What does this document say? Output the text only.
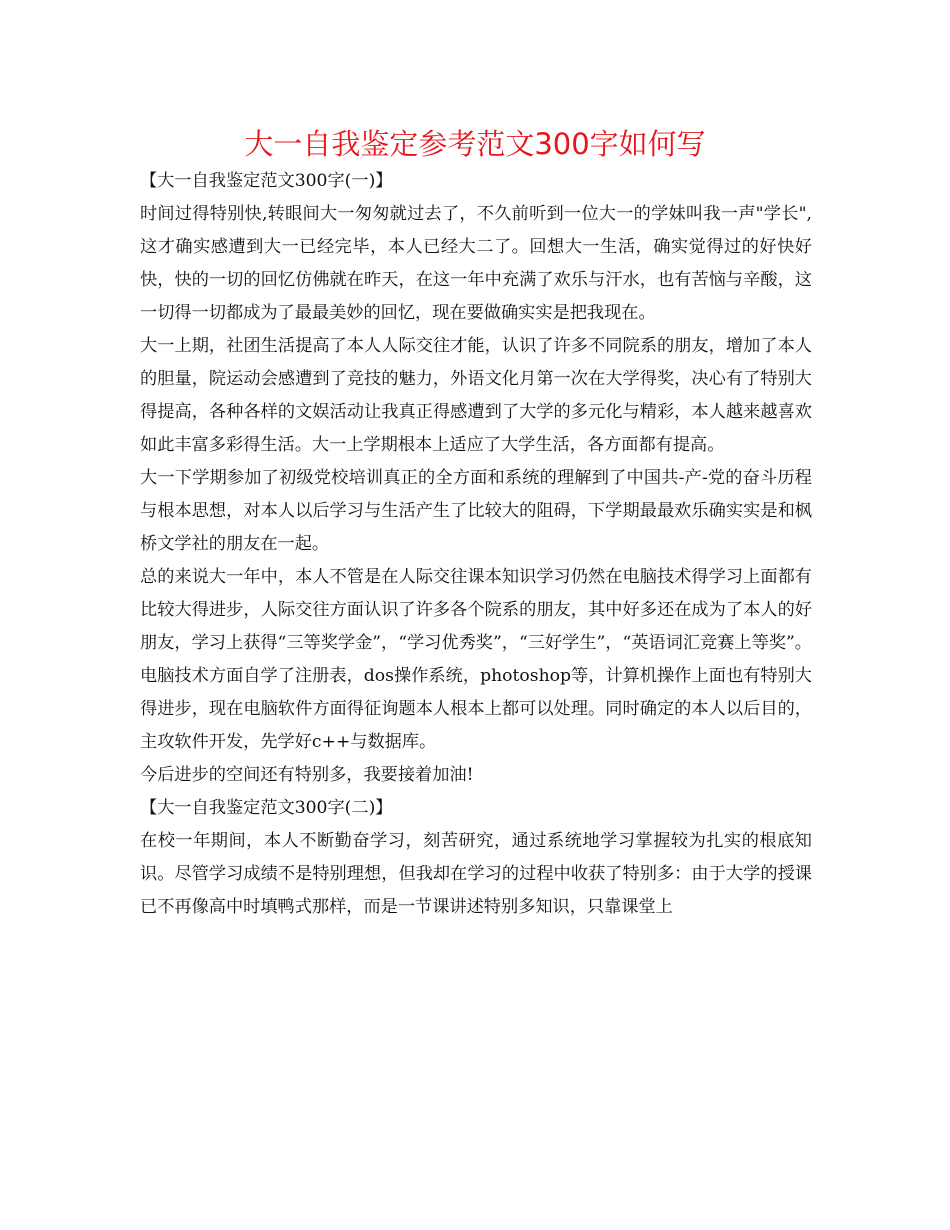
大一自我鉴定参考范文300字如何写

【大一自我鉴定范文300字(一)】

时间过得特别快,转眼间大一匆匆就过去了，不久前听到一位大一的学妹叫我一声"学长",这才确实感遭到大一已经完毕，本人已经大二了。回想大一生活，确实觉得过的好快好快，快的一切的回忆仿佛就在昨天，在这一年中充满了欢乐与汗水，也有苦恼与辛酸，这一切得一切都成为了最最美妙的回忆，现在要做确实实是把我现在。

大一上期，社团生活提高了本人人际交往才能，认识了许多不同院系的朋友，增加了本人的胆量，院运动会感遭到了竞技的魅力，外语文化月第一次在大学得奖，决心有了特别大得提高，各种各样的文娱活动让我真正得感遭到了大学的多元化与精彩，本人越来越喜欢如此丰富多彩得生活。大一上学期根本上适应了大学生活，各方面都有提高。

大一下学期参加了初级党校培训真正的全方面和系统的理解到了中国共-产-党的奋斗历程与根本思想，对本人以后学习与生活产生了比较大的阻碍，下学期最最欢乐确实实是和枫桥文学社的朋友在一起。

总的来说大一年中，本人不管是在人际交往课本知识学习仍然在电脑技术得学习上面都有比较大得进步，人际交往方面认识了许多各个院系的朋友，其中好多还在成为了本人的好朋友，学习上获得“三等奖学金”，“学习优秀奖”，“三好学生”，“英语词汇竞赛上等奖”。电脑技术方面自学了注册表，dos操作系统，photoshop等，计算机操作上面也有特别大得进步，现在电脑软件方面得征询题本人根本上都可以处理。同时确定的本人以后目的，主攻软件开发，先学好c++与数据库。

今后进步的空间还有特别多，我要接着加油!

【大一自我鉴定范文300字(二)】

在校一年期间，本人不断勤奋学习，刻苦研究，通过系统地学习掌握较为扎实的根底知识。尽管学习成绩不是特别理想，但我却在学习的过程中收获了特别多：由于大学的授课已不再像高中时填鸭式那样，而是一节课讲述特别多知识，只靠课堂上
